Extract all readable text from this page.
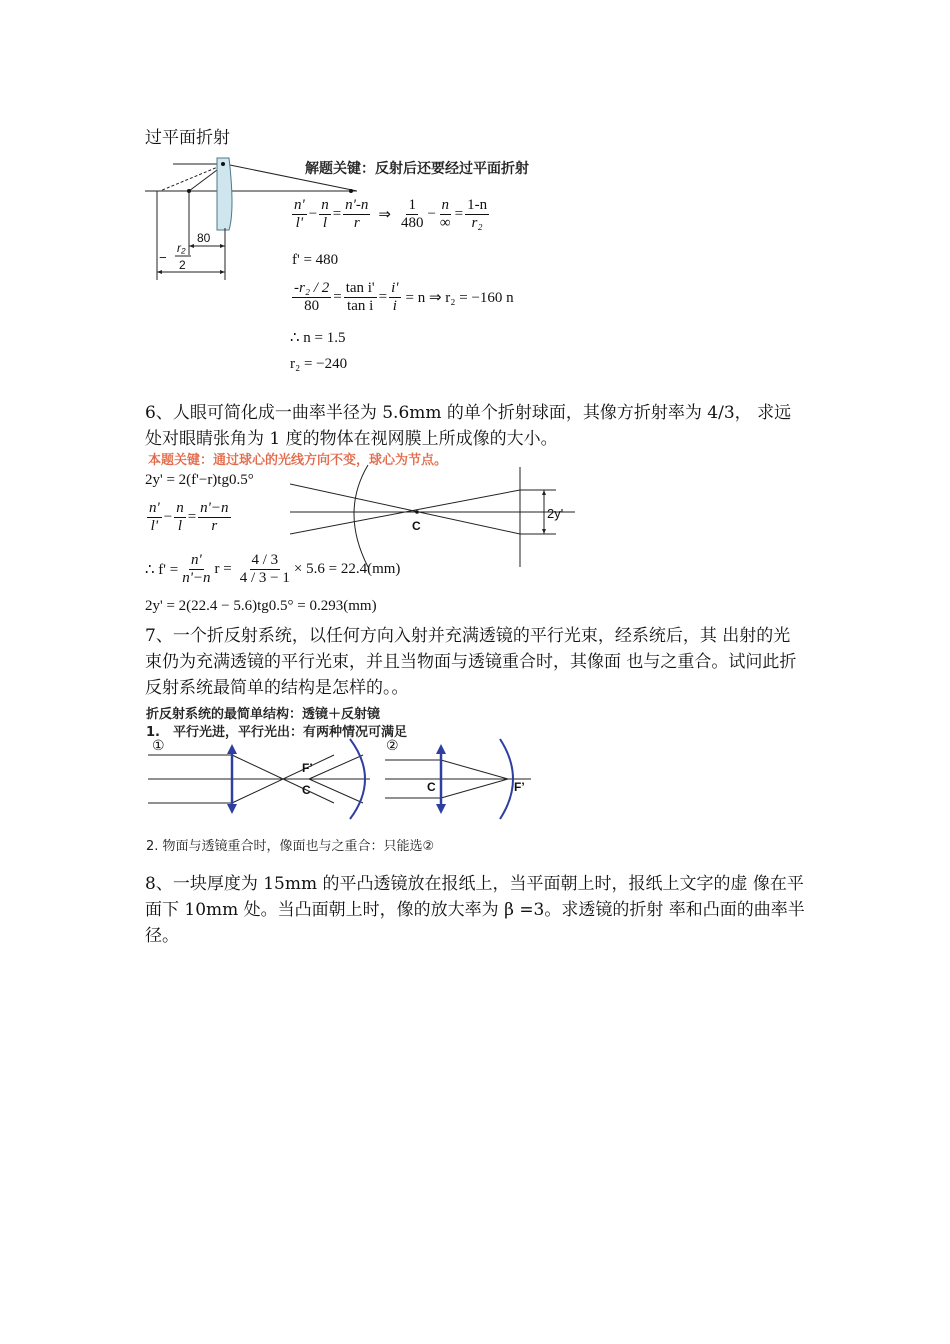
过平面折射
80
−
r₂
2
解题关键：反射后还要经过平面折射
$\frac{n'}{l'} - \frac{n}{l} = \frac{n'-n}{r}$ ⇒ $\frac{1}{480} - \frac{n}{\infty} = \frac{1-n}{\text{r₂}}$
f' = 480
$\frac{\text{-r₂ / 2}}{80} = \frac{\text{tan i'}}{\text{tan i}} = \frac{i'}{i} = n$ ⇒ r₂ = −160 n
∴ n = 1.5
r₂ = −240
6、人眼可简化成一曲率半径为 5.6mm 的单个折射球面，其像方折射率为 4/3， 求远处对眼睛张角为 1 度的物体在视网膜上所成像的大小。
本题关键：通过球心的光线方向不变，球心为节点。
2y' = 2(f'−r)tg0.5°
$\frac{n'}{l'} - \frac{n}{l} = \frac{n'-n}{r}$
∴ $f' = \frac{n'}{n'-n}$ $r = \frac{4 / 3}{4 / 3 - 1} \times 5.6 = 22.4(mm)$
2y' = 2(22.4 − 5.6)tg0.5° = 0.293(mm)
C
2y'
7、一个折反射系统，以任何方向入射并充满透镜的平行光束，经系统后，其 出射的光束仍为充满透镜的平行光束，并且当物面与透镜重合时，其像面 也与之重合。试问此折反射系统最简单的结构是怎样的。。
折反射系统的最简单结构：透镜＋反射镜
1.　平行光进，平行光出：有两种情况可满足
①
F’
C
②
C	F’
2. 物面与透镜重合时，像面也与之重合：只能选②
8、一块厚度为 15mm 的平凸透镜放在报纸上，当平面朝上时，报纸上文字的虚 像在平面下 10mm 处。当凸面朝上时，像的放大率为 β =3。求透镜的折射 率和凸面的曲率半径。
